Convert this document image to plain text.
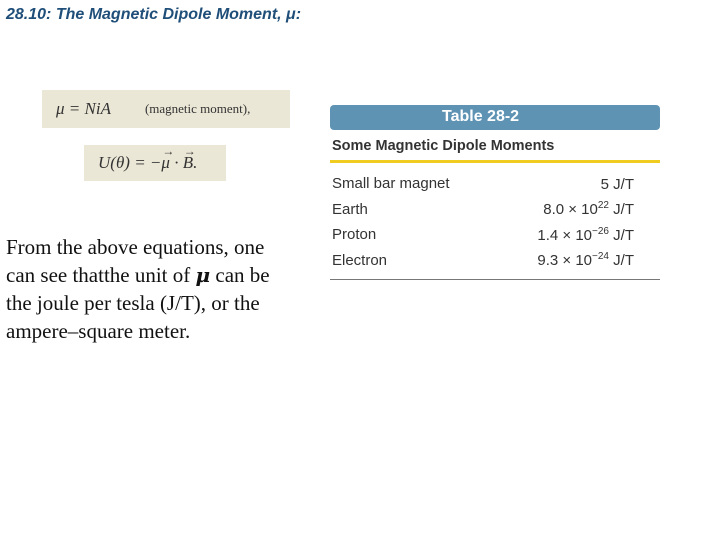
28.10: The Magnetic Dipole Moment, μ:
μ = NiA	(magnetic moment),
U(θ) = −
→
μ ·
→
B.

From the above equations, one can see thatthe unit of μ can be the joule per tesla (J/T), or the ampere–square meter.

Table 28-2
Some Magnetic Dipole Moments
Small bar magnet	5 J/T
Earth	$8.0 \times 10^{22}$ J/T
Proton	$1.4 \times 10^{-26}$ J/T
Electron	$9.3 \times 10^{-24}$ J/T
